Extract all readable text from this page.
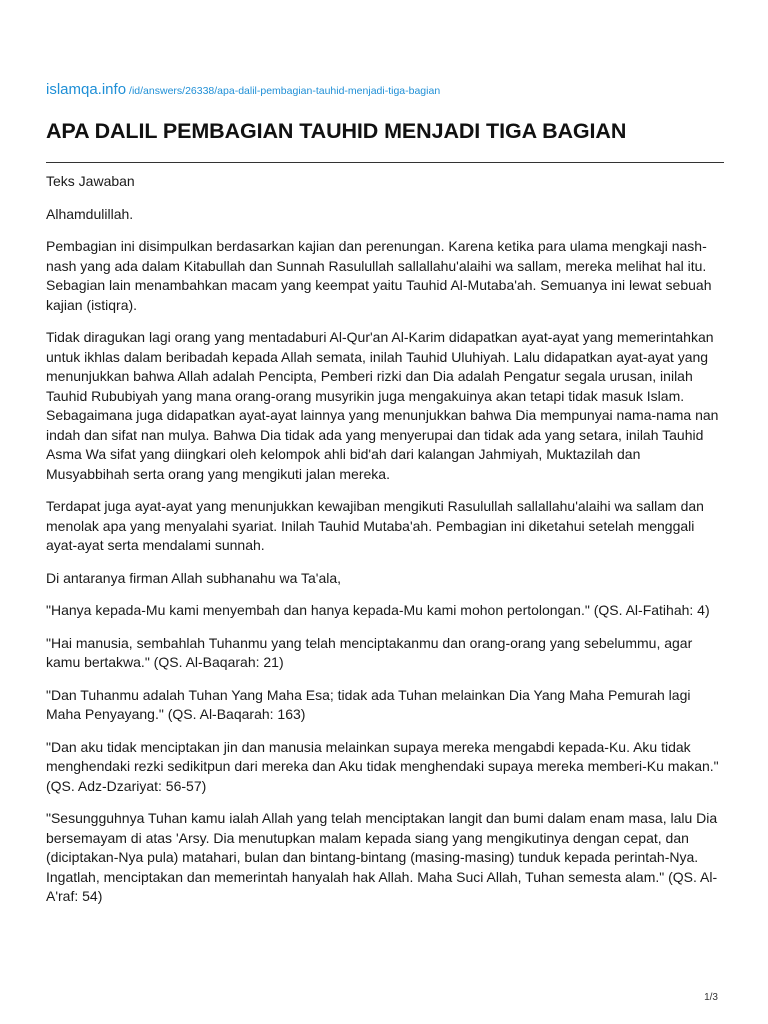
islamqa.info /id/answers/26338/apa-dalil-pembagian-tauhid-menjadi-tiga-bagian
APA DALIL PEMBAGIAN TAUHID MENJADI TIGA BAGIAN

Teks Jawaban

Alhamdulillah.

Pembagian ini disimpulkan berdasarkan kajian dan perenungan. Karena ketika para ulama mengkaji nash-nash yang ada dalam Kitabullah dan Sunnah Rasulullah sallallahu'alaihi wa sallam, mereka melihat hal itu. Sebagian lain menambahkan macam yang keempat yaitu Tauhid Al-Mutaba'ah. Semuanya ini lewat sebuah kajian (istiqra).

Tidak diragukan lagi orang yang mentadaburi Al-Qur'an Al-Karim didapatkan ayat-ayat yang memerintahkan untuk ikhlas dalam beribadah kepada Allah semata, inilah Tauhid Uluhiyah. Lalu didapatkan ayat-ayat yang menunjukkan bahwa Allah adalah Pencipta, Pemberi rizki dan Dia adalah Pengatur segala urusan, inilah Tauhid Rububiyah yang mana orang-orang musyrikin juga mengakuinya akan tetapi tidak masuk Islam. Sebagaimana juga didapatkan ayat-ayat lainnya yang menunjukkan bahwa Dia mempunyai nama-nama nan indah dan sifat nan mulya. Bahwa Dia tidak ada yang menyerupai dan tidak ada yang setara, inilah Tauhid Asma Wa sifat yang diingkari oleh kelompok ahli bid'ah dari kalangan Jahmiyah, Muktazilah dan Musyabbihah serta orang yang mengikuti jalan mereka.

Terdapat juga ayat-ayat yang menunjukkan kewajiban mengikuti Rasulullah sallallahu'alaihi wa sallam dan menolak apa yang menyalahi syariat. Inilah Tauhid Mutaba'ah. Pembagian ini diketahui setelah menggali ayat-ayat serta mendalami sunnah.

Di antaranya firman Allah subhanahu wa Ta'ala,

"Hanya kepada-Mu kami menyembah dan hanya kepada-Mu kami mohon pertolongan." (QS. Al-Fatihah: 4)

"Hai manusia, sembahlah Tuhanmu yang telah menciptakanmu dan orang-orang yang sebelummu, agar kamu bertakwa." (QS. Al-Baqarah: 21)

"Dan Tuhanmu adalah Tuhan Yang Maha Esa; tidak ada Tuhan melainkan Dia Yang Maha Pemurah lagi Maha Penyayang." (QS. Al-Baqarah: 163)

"Dan aku tidak menciptakan jin dan manusia melainkan supaya mereka mengabdi kepada-Ku. Aku tidak menghendaki rezki sedikitpun dari mereka dan Aku tidak menghendaki supaya mereka memberi-Ku makan." (QS. Adz-Dzariyat: 56-57)

"Sesungguhnya Tuhan kamu ialah Allah yang telah menciptakan langit dan bumi dalam enam masa, lalu Dia bersemayam di atas 'Arsy. Dia menutupkan malam kepada siang yang mengikutinya dengan cepat, dan (diciptakan-Nya pula) matahari, bulan dan bintang-bintang (masing-masing) tunduk kepada perintah-Nya. Ingatlah, menciptakan dan memerintah hanyalah hak Allah. Maha Suci Allah, Tuhan semesta alam." (QS. Al-A'raf: 54)

1/3
